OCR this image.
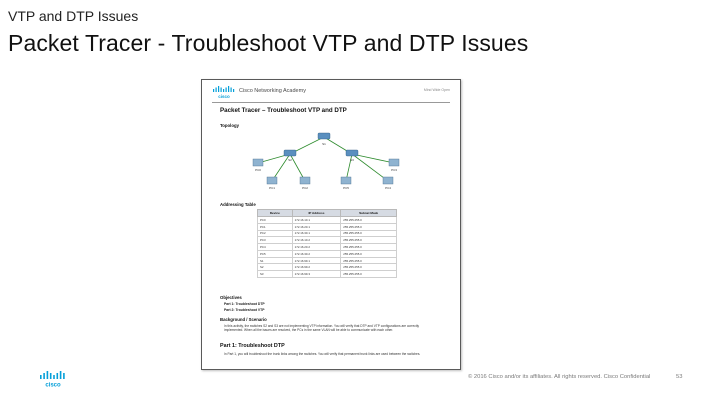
VTP and DTP Issues
Packet Tracer - Troubleshoot VTP and DTP Issues
cisco
Cisco Networking Academy	Mind Wide Open
Packet Tracer – Troubleshoot VTP and DTP
Topology
S1
S2	S3
PC0
PC1	PC2
PC3
PC4
PC5
Addressing Table
Device	IP Address	Subnet Mask
PC0	172.16.10.1	255.255.255.0
PC1	172.16.20.1	255.255.255.0
PC2	172.16.30.1	255.255.255.0
PC3	172.16.10.2	255.255.255.0
PC4	172.16.20.2	255.255.255.0
PC5	172.16.30.2	255.255.255.0
S1	172.16.99.1	255.255.255.0
S2	172.16.99.2	255.255.255.0
S3	172.16.99.3	255.255.255.0
Objectives
Part 1: Troubleshoot DTP
Part 2: Troubleshoot VTP
Background / Scenario
In this activity, the switches S2 and S3 are not implementing VTP information. You will verify that DTP and VTP configurations are correctly implemented. When all the issues are resolved, the PCs in the same VLAN will be able to communicate with each other.
Part 1: Troubleshoot DTP
In Part 1, you will troubleshoot the trunk links among the switches. You will verify that permanent trunk links are used between the switches.
cisco
© 2016 Cisco and/or its affiliates. All rights reserved. Cisco Confidential	53
